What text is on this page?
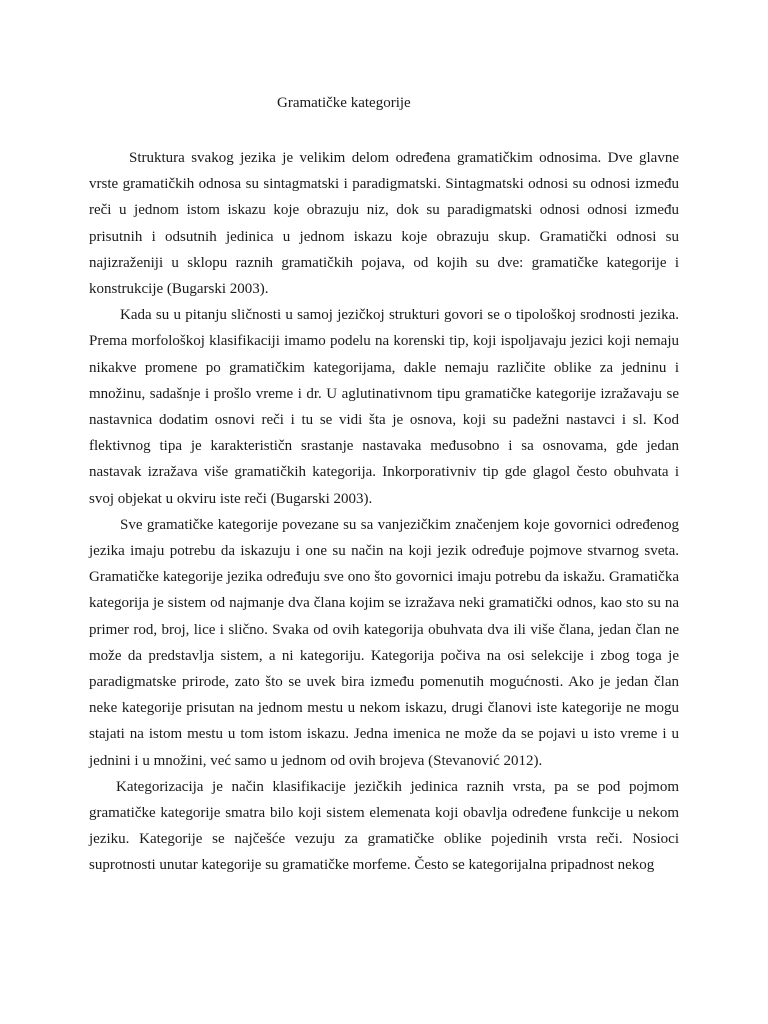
Gramatičke kategorije

Struktura svakog jezika je velikim delom određena gramatičkim odnosima. Dve glavne vrste gramatičkih odnosa su sintagmatski i paradigmatski. Sintagmatski odnosi su odnosi između reči u jednom istom iskazu koje obrazuju niz, dok su paradigmatski odnosi odnosi između prisutnih i odsutnih jedinica u jednom iskazu koje obrazuju skup. Gramatički odnosi su najizraženiji u sklopu raznih gramatičkih pojava, od kojih su dve: gramatičke kategorije i konstrukcije (Bugarski 2003).

Kada su u pitanju sličnosti u samoj jezičkoj strukturi govori se o tipološkoj srodnosti jezika. Prema morfološkoj klasifikaciji imamo podelu na korenski tip, koji ispoljavaju jezici koji nemaju nikakve promene po gramatičkim kategorijama, dakle nemaju različite oblike za jedninu i množinu, sadašnje i prošlo vreme i dr. U aglutinativnom tipu gramatičke kategorije izražavaju se nastavnica dodatim osnovi reči i tu se vidi šta je osnova, koji su padežni nastavci i sl. Kod flektivnog tipa je karakterističn srastanje nastavaka međusobno i sa osnovama, gde jedan nastavak izražava više gramatičkih kategorija. Inkorporativniv tip gde glagol često obuhvata i svoj objekat u okviru iste reči (Bugarski 2003).

Sve gramatičke kategorije povezane su sa vanjezičkim značenjem koje govornici određenog jezika imaju potrebu da iskazuju i one su način na koji jezik određuje pojmove stvarnog sveta. Gramatičke kategorije jezika određuju sve ono što govornici imaju potrebu da iskažu. Gramatička kategorija je sistem od najmanje dva člana kojim se izražava neki gramatički odnos, kao sto su na primer rod, broj, lice i slično. Svaka od ovih kategorija obuhvata dva ili više člana, jedan član ne može da predstavlja sistem, a ni kategoriju. Kategorija počiva na osi selekcije i zbog toga je paradigmatske prirode, zato što se uvek bira između pomenutih mogućnosti. Ako je jedan član neke kategorije prisutan na jednom mestu u nekom iskazu, drugi članovi iste kategorije ne mogu stajati na istom mestu u tom istom iskazu. Jedna imenica ne može da se pojavi u isto vreme i u jednini i u množini, već samo u jednom od ovih brojeva (Stevanović 2012).

Kategorizacija je način klasifikacije jezičkih jedinica raznih vrsta, pa se pod pojmom gramatičke kategorije smatra bilo koji sistem elemenata koji obavlja određene funkcije u nekom jeziku. Kategorije se najčešće vezuju za gramatičke oblike pojedinih vrsta reči. Nosioci suprotnosti unutar kategorije su gramatičke morfeme. Često se kategorijalna pripadnost nekog
